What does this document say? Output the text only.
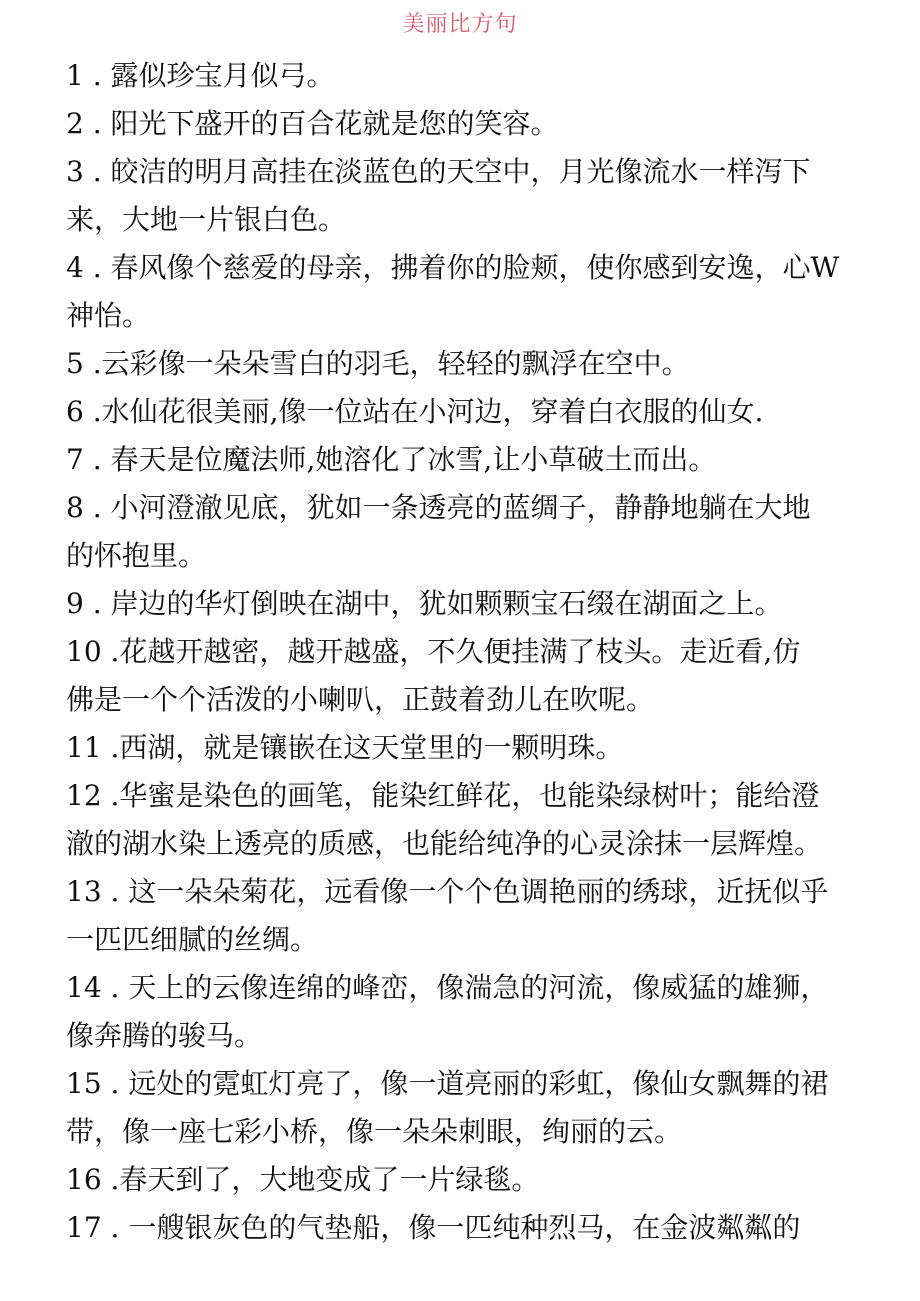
美丽比方句
1 . 露似珍宝月似弓。
2 . 阳光下盛开的百合花就是您的笑容。
3 . 皎洁的明月高挂在淡蓝色的天空中，月光像流水一样泻下
来，大地一片银白色。
4 . 春风像个慈爱的母亲，拂着你的脸颊，使你感到安逸，心W
神怡。
5 .云彩像一朵朵雪白的羽毛，轻轻的飘浮在空中。
6 .水仙花很美丽,像一位站在小河边，穿着白衣服的仙女.
7 . 春天是位魔法师,她溶化了冰雪,让小草破土而出。
8 . 小河澄澈见底，犹如一条透亮的蓝绸子，静静地躺在大地
的怀抱里。
9 . 岸边的华灯倒映在湖中，犹如颗颗宝石缀在湖面之上。
10 .花越开越密，越开越盛，不久便挂满了枝头。走近看,仿
佛是一个个活泼的小喇叭，正鼓着劲儿在吹呢。
11 .西湖，就是镶嵌在这天堂里的一颗明珠。
12 .华蜜是染色的画笔，能染红鲜花，也能染绿树叶；能给澄
澈的湖水染上透亮的质感，也能给纯净的心灵涂抹一层辉煌。
13 . 这一朵朵菊花，远看像一个个色调艳丽的绣球，近抚似乎
一匹匹细腻的丝绸。
14 . 天上的云像连绵的峰峦，像湍急的河流，像威猛的雄狮，
像奔腾的骏马。
15 . 远处的霓虹灯亮了，像一道亮丽的彩虹，像仙女飘舞的裙
带，像一座七彩小桥，像一朵朵刺眼，绚丽的云。
16 .春天到了，大地变成了一片绿毯。
17 . 一艘银灰色的气垫船，像一匹纯种烈马，在金波粼粼的
